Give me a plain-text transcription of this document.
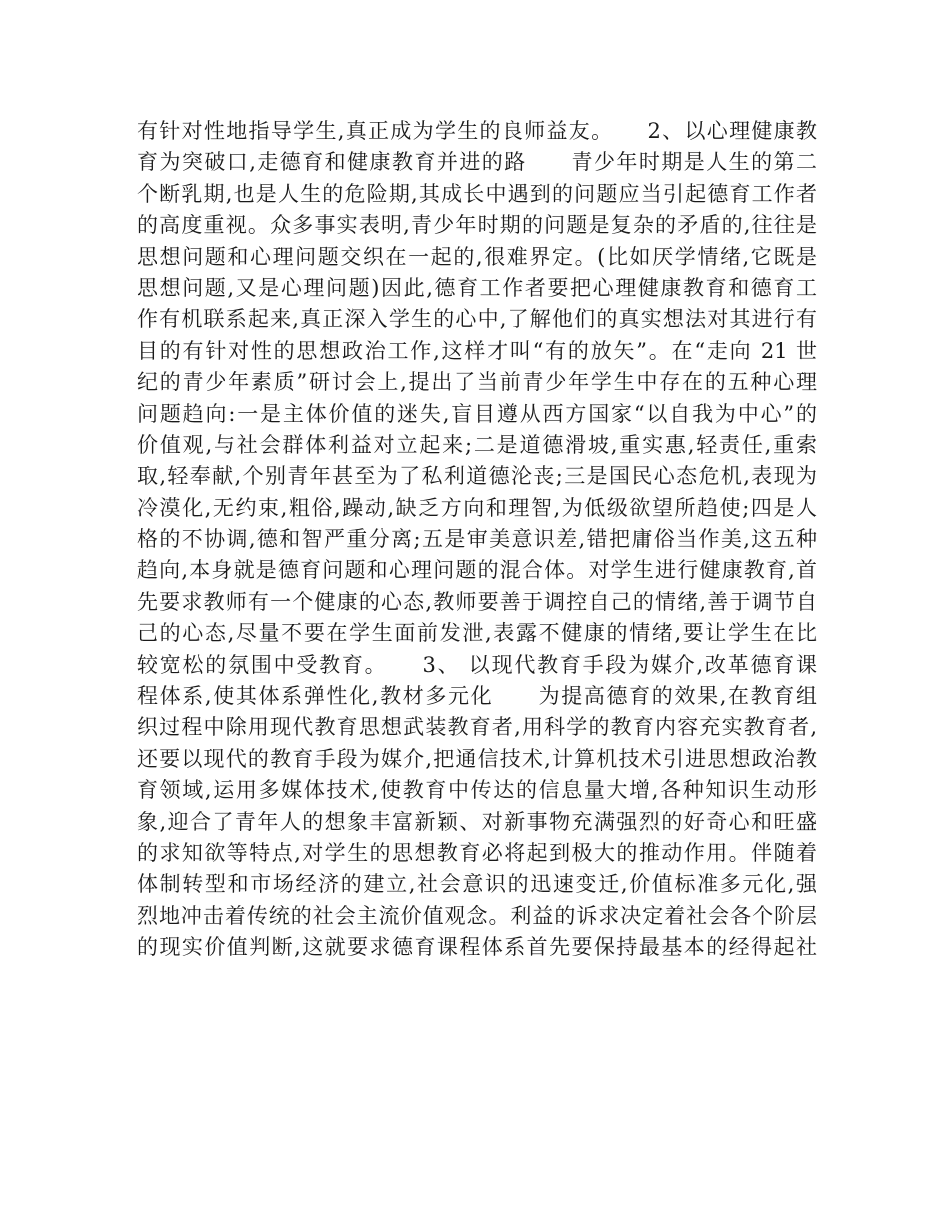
有针对性地指导学生,真正成为学生的良师益友。　　2、以心理健康教
育为突破口,走德育和健康教育并进的路　　青少年时期是人生的第二
个断乳期,也是人生的危险期,其成长中遇到的问题应当引起德育工作者
的高度重视。众多事实表明,青少年时期的问题是复杂的矛盾的,往往是
思想问题和心理问题交织在一起的,很难界定。(比如厌学情绪,它既是
思想问题,又是心理问题)因此,德育工作者要把心理健康教育和德育工
作有机联系起来,真正深入学生的心中,了解他们的真实想法对其进行有
目的有针对性的思想政治工作,这样才叫“有的放矢”。在“走向 21 世
纪的青少年素质”研讨会上,提出了当前青少年学生中存在的五种心理
问题趋向:一是主体价值的迷失,盲目遵从西方国家“以自我为中心”的
价值观,与社会群体利益对立起来;二是道德滑坡,重实惠,轻责任,重索
取,轻奉献,个别青年甚至为了私利道德沦丧;三是国民心态危机,表现为
冷漠化,无约束,粗俗,躁动,缺乏方向和理智,为低级欲望所趋使;四是人
格的不协调,德和智严重分离;五是审美意识差,错把庸俗当作美,这五种
趋向,本身就是德育问题和心理问题的混合体。对学生进行健康教育,首
先要求教师有一个健康的心态,教师要善于调控自己的情绪,善于调节自
己的心态,尽量不要在学生面前发泄,表露不健康的情绪,要让学生在比
较宽松的氛围中受教育。　　3、 以现代教育手段为媒介,改革德育课
程体系,使其体系弹性化,教材多元化　　为提高德育的效果,在教育组
织过程中除用现代教育思想武装教育者,用科学的教育内容充实教育者,
还要以现代的教育手段为媒介,把通信技术,计算机技术引进思想政治教
育领域,运用多媒体技术,使教育中传达的信息量大增,各种知识生动形
象,迎合了青年人的想象丰富新颖、对新事物充满强烈的好奇心和旺盛
的求知欲等特点,对学生的思想教育必将起到极大的推动作用。伴随着
体制转型和市场经济的建立,社会意识的迅速变迁,价值标准多元化,强
烈地冲击着传统的社会主流价值观念。利益的诉求决定着社会各个阶层
的现实价值判断,这就要求德育课程体系首先要保持最基本的经得起社
